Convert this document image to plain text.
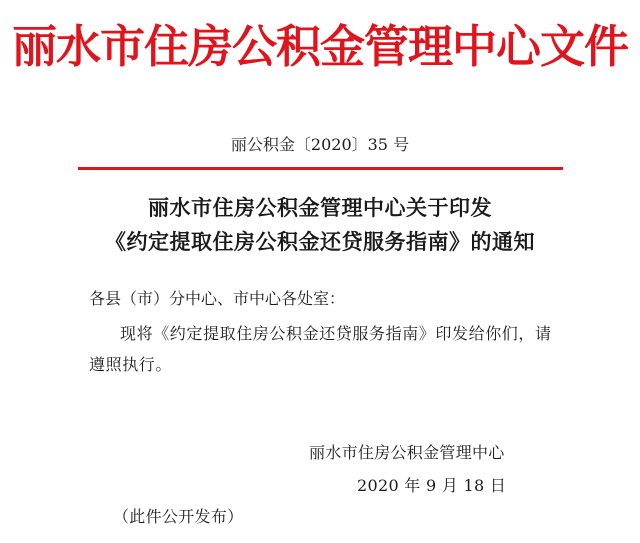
丽水市住房公积金管理中心文件
丽公积金〔2020〕35 号
丽水市住房公积金管理中心关于印发
《约定提取住房公积金还贷服务指南》的通知
各县（市）分中心、市中心各处室：
现将《约定提取住房公积金还贷服务指南》印发给你们，请
遵照执行。
丽水市住房公积金管理中心
2020 年 9 月 18 日
（此件公开发布）
